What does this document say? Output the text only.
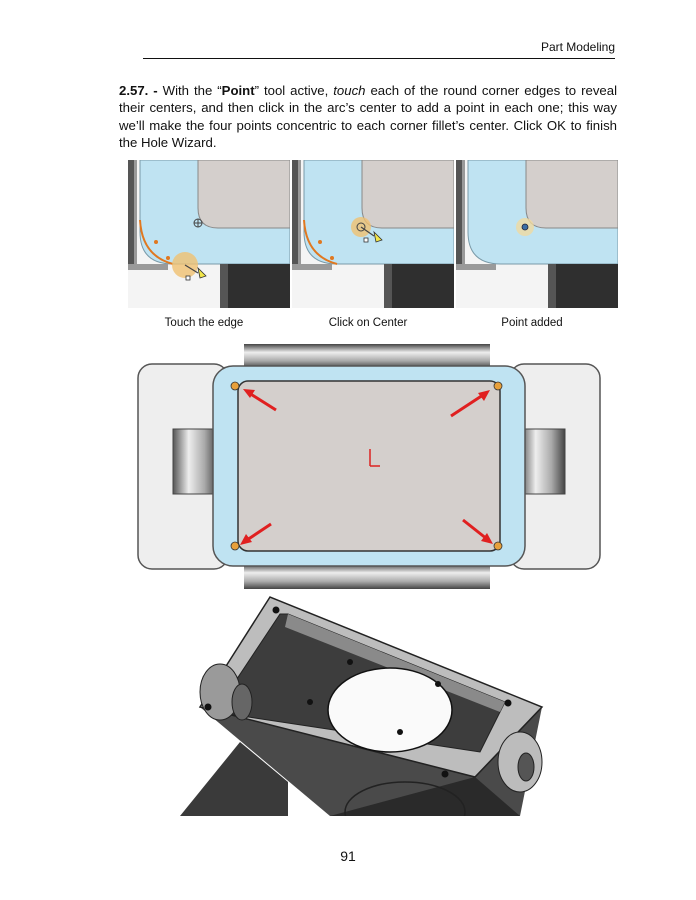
Part Modeling

2.57. - With the “Point” tool active, touch each of the round corner edges to reveal their centers, and then click in the arc’s center to add a point in each one; this way we’ll make the four points concentric to each corner fillet’s center. Click OK to finish the Hole Wizard.

Touch the edge	Click on Center	Point added
91
